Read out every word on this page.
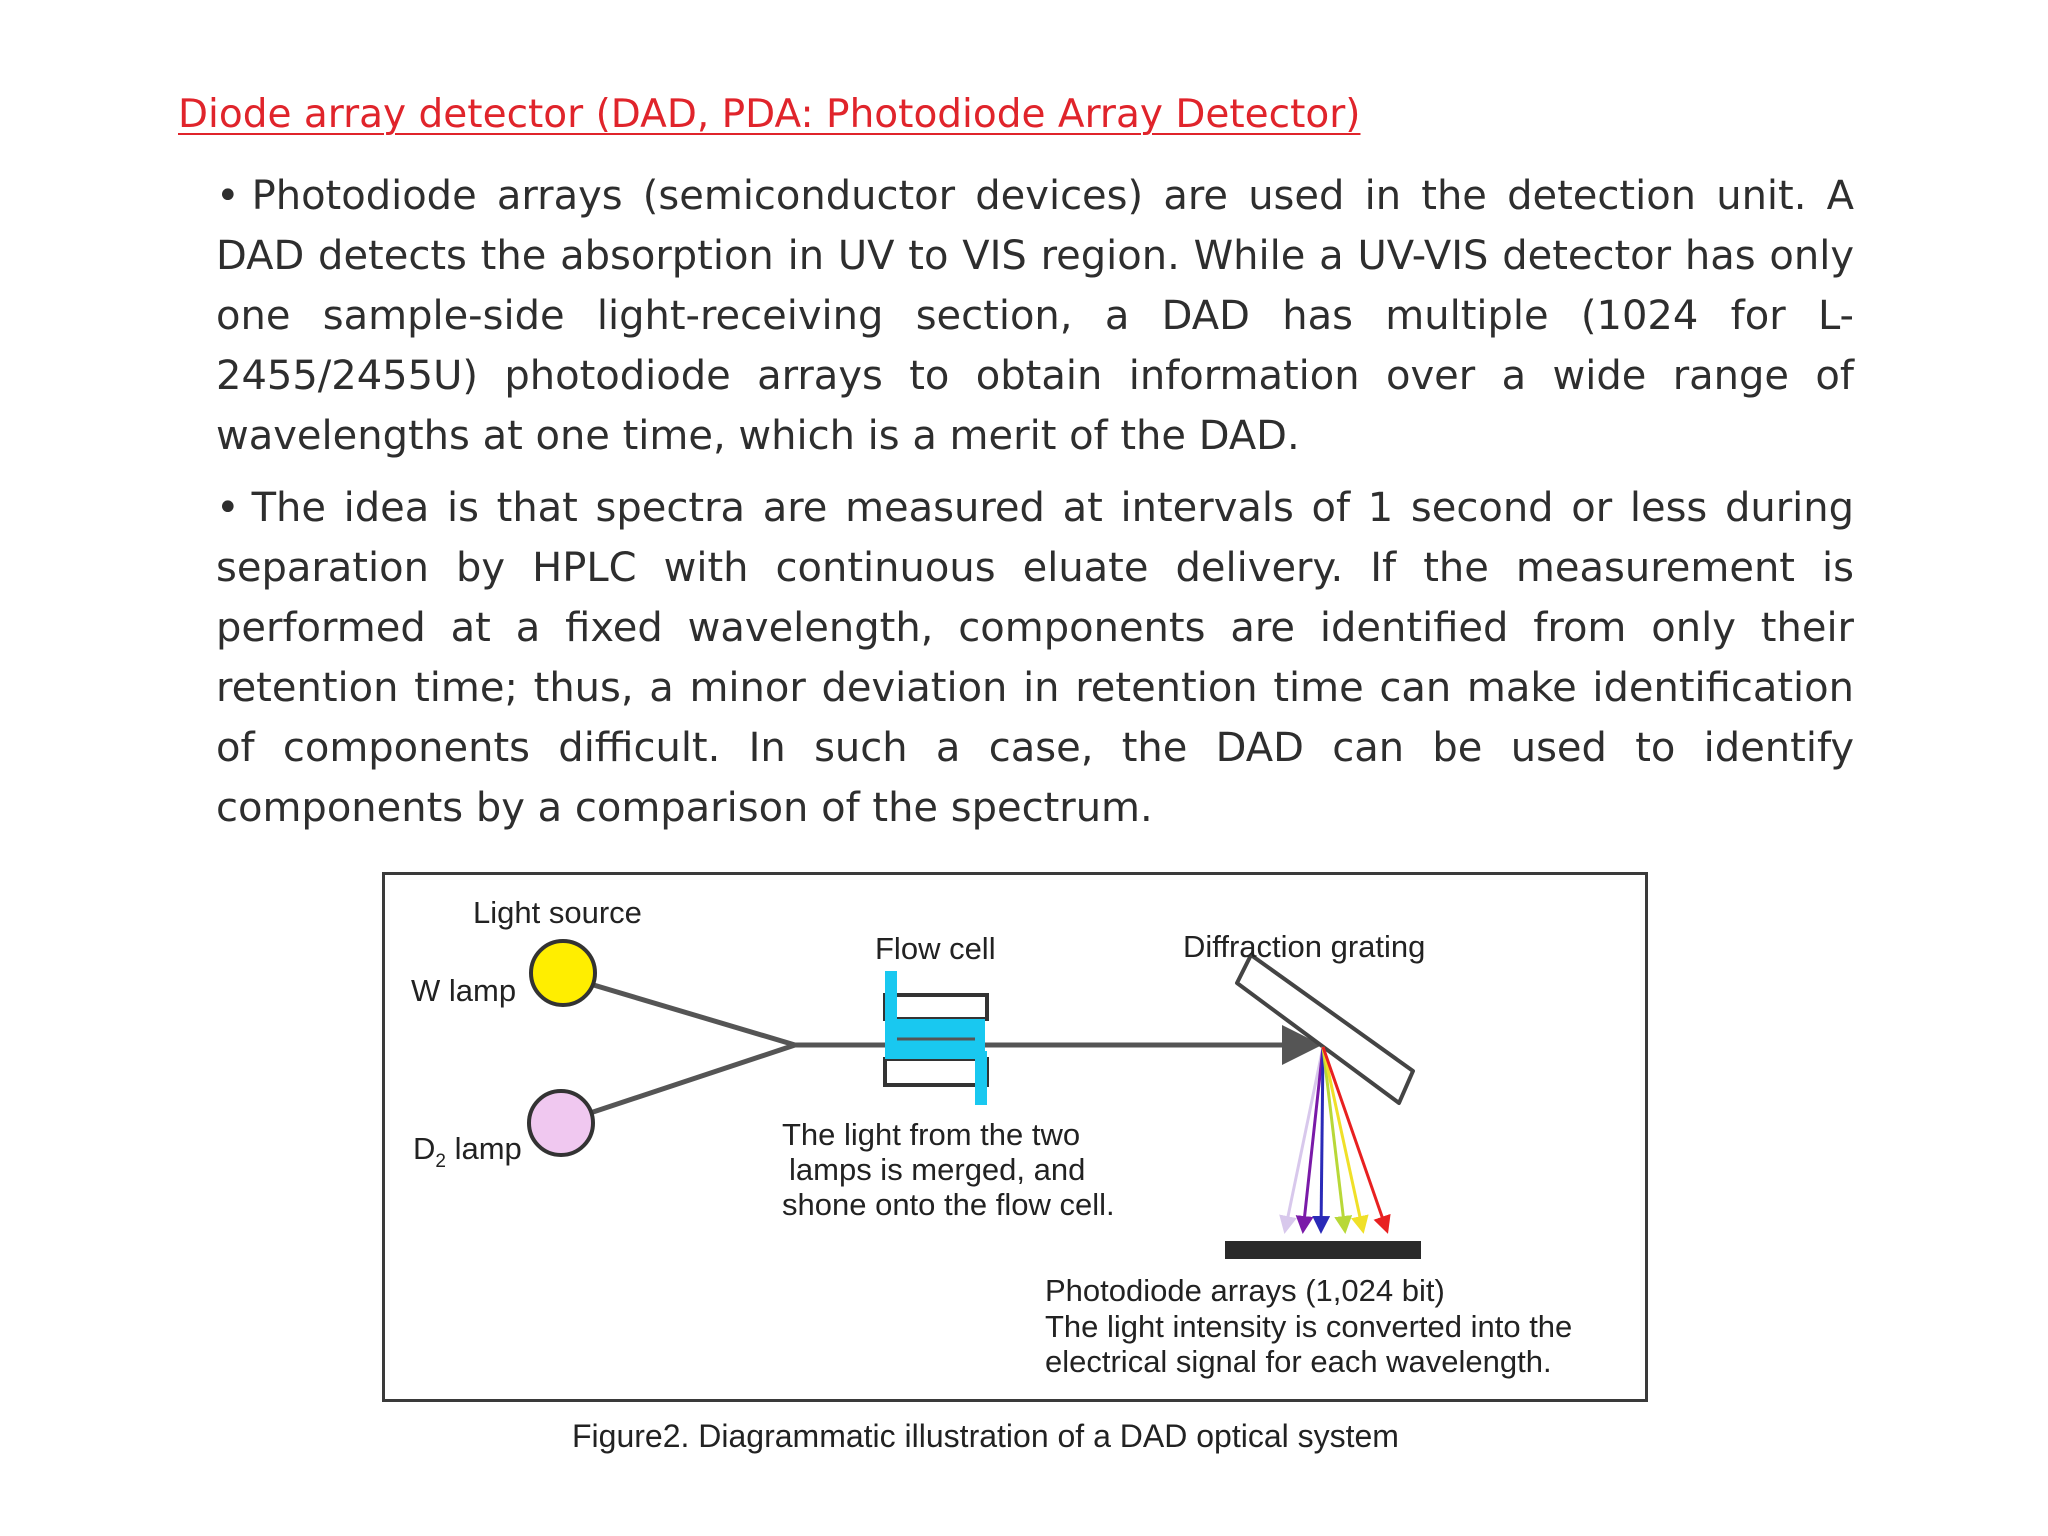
Diode array detector (DAD, PDA: Photodiode Array Detector)
• Photodiode arrays (semiconductor devices) are used in the detection unit. A DAD detects the absorption in UV to VIS region. While a UV-VIS detector has only one sample-side light-receiving section, a DAD has multiple (1024 for L-2455/2455U) photodiode arrays to obtain information over a wide range of wavelengths at one time, which is a merit of the DAD.
• The idea is that spectra are measured at intervals of 1 second or less during separation by HPLC with continuous eluate delivery. If the measurement is performed at a fixed wavelength, components are identified from only their retention time; thus, a minor deviation in retention time can make identification of components difficult. In such a case, the DAD can be used to identify components by a comparison of the spectrum.
Light source
W lamp
$D_2$ lamp
Flow cell	Diffraction grating
The light from the two
lamps is merged, and
shone onto the flow cell.
Photodiode arrays (1,024 bit)
The light intensity is converted into the
electrical signal for each wavelength.
Figure2. Diagrammatic illustration of a DAD optical system
